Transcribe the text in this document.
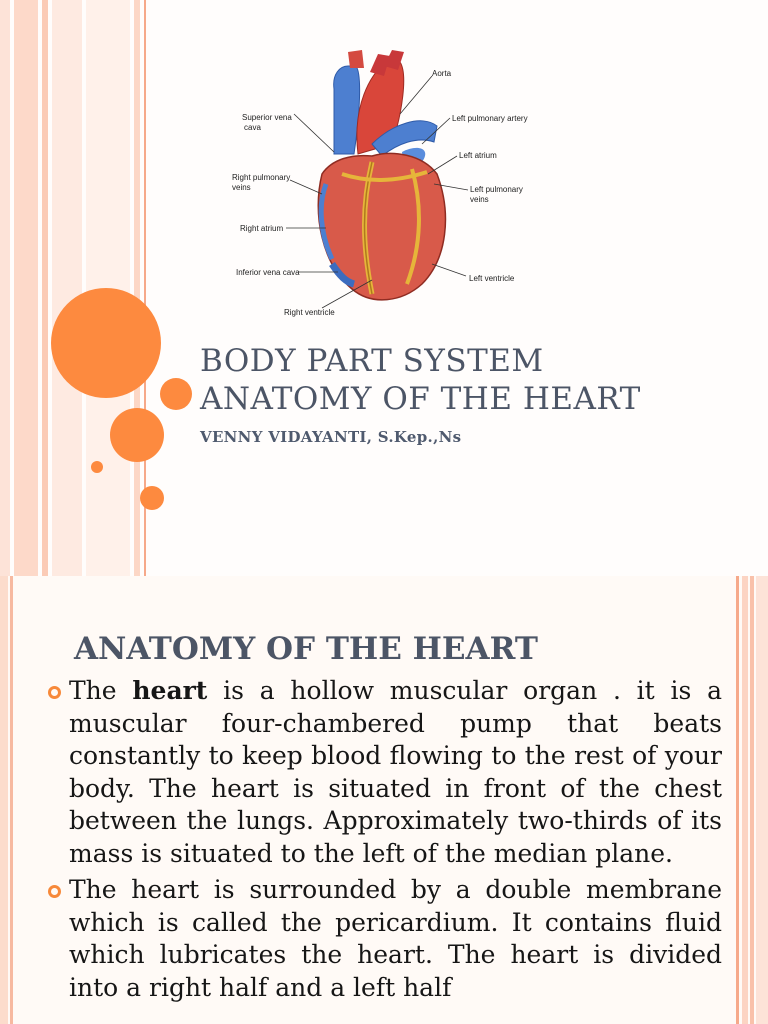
Aorta
Superior vena
cava
Left pulmonary artery
Right pulmonary
veins
Left atrium
Left pulmonary
veins
Right atrium
Inferior vena cava
Left ventricle
Right ventricle
BODY PART SYSTEM
ANATOMY OF THE HEART
VENNY VIDAYANTI, S.Kep.,Ns
ANATOMY OF THE HEART
The heart is a hollow muscular organ . it is a muscular four-chambered pump that beats constantly to keep blood flowing to the rest of your body. The heart is situated in front of the chest between the lungs. Approximately two-thirds of its mass is situated to the left of the median plane.
The heart is surrounded by a double membrane which is called the pericardium. It contains fluid which lubricates the heart. The heart is divided into a right half and a left half
